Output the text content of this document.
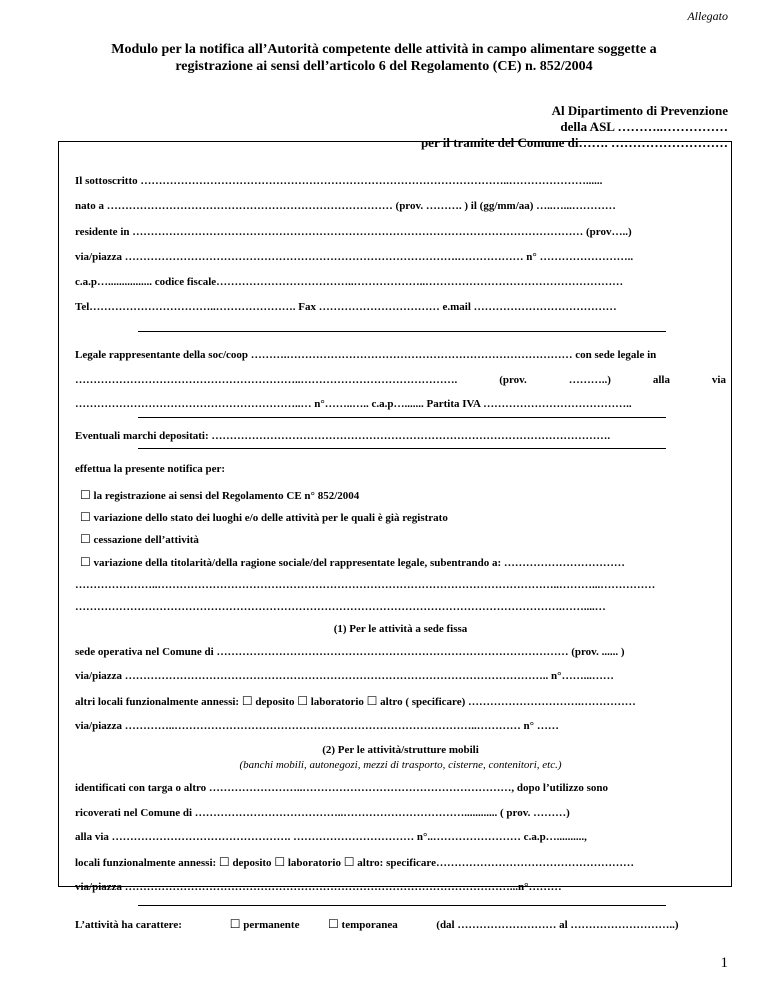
Allegato
Modulo per la notifica all’Autorità competente delle attività in campo alimentare soggette a
registrazione ai sensi dell’articolo 6 del Regolamento (CE) n. 852/2004
Al Dipartimento di Prevenzione
della ASL ………..……………
per il tramite del Comune di……. ………………………
Il sottoscritto ………………………………………………………………………………………..…………………......
nato a …………………………………………………………………… (prov. ………. ) il (gg/mm/aa) …..…...…………
residente in …………………………………………………………………………………………………………… (prov…..)
via/piazza ……………………………………………………………………………….……………… n° ……………………..
c.a.p…................ codice fiscale………………………………..………………..………………………………………………
Tel……………………………..…………………. Fax …………………………… e.mail …………………………………
Legale rappresentante della soc/coop ……….…………………………………………………………………… con sede legale in
……………………………………………………..…………………………………….	(prov.	………..)	alla	via
……………………………………………………..… n°……..….. c.a.p…....... Partita IVA …………………………………..
Eventuali marchi depositati: ……………………………………………………………………………………………….
effettua la presente notifica per:
☐ la registrazione ai sensi del Regolamento CE n° 852/2004
☐ variazione dello stato dei luoghi e/o delle attività per le quali è già registrato
☐ cessazione dell’attività
☐ variazione della titolarità/della ragione sociale/del rappresentate legale, subentrando a: ……………………………
…………………..………………………………………………………………………………………………..………...……………
…………………………………………………………………………………………………………………….……....…
(1) Per le attività a sede fissa
sede operativa nel Comune di …………………………………………………………………………………… (prov. ...... )
via/piazza …………………………………………………………………………………………………….. n°……...……
altri locali funzionalmente annessi: ☐ deposito ☐ laboratorio ☐ altro ( specificare) ………………………….……………
via/piazza …………..………………………………………………………………………..………… n° ……
(2) Per le attività/strutture mobili
(banchi mobili, autonegozi, mezzi di trasporto, cisterne, contenitori, etc.)
identificati con targa o altro ……………………..…………………………………………………, dopo l’utilizzo sono
ricoverati nel Comune di …………………………………..……………………………............ ( prov. ………)
alla via …………………………………………. …………………………… n°..…………………… c.a.p…..........,
locali funzionalmente annessi: ☐ deposito ☐ laboratorio ☐ altro: specificare………………………………………………
via/piazza ……………………………………………………………………………………………...n°………
L’attività ha carattere:	☐ permanente ☐ temporanea	(dal ……………………… al ………………………..)
1
